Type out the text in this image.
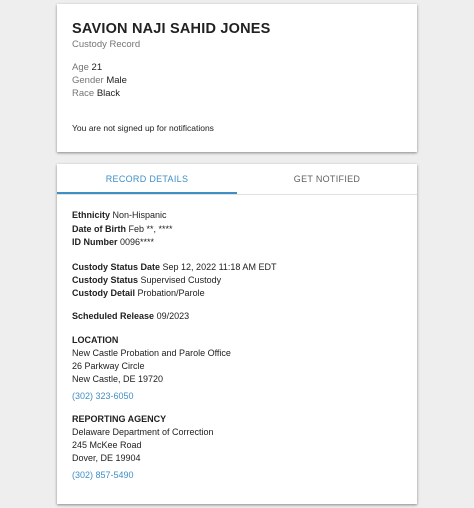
SAVION NAJI SAHID JONES
Custody Record
Age 21
Gender Male
Race Black
You are not signed up for notifications
RECORD DETAILS	GET NOTIFIED
Ethnicity Non-Hispanic
Date of Birth Feb **, ****
ID Number 0096****
Custody Status Date Sep 12, 2022 11:18 AM EDT
Custody Status Supervised Custody
Custody Detail Probation/Parole
Scheduled Release 09/2023
LOCATION
New Castle Probation and Parole Office
26 Parkway Circle
New Castle, DE 19720
(302) 323-6050
REPORTING AGENCY
Delaware Department of Correction
245 McKee Road
Dover, DE 19904
(302) 857-5490
